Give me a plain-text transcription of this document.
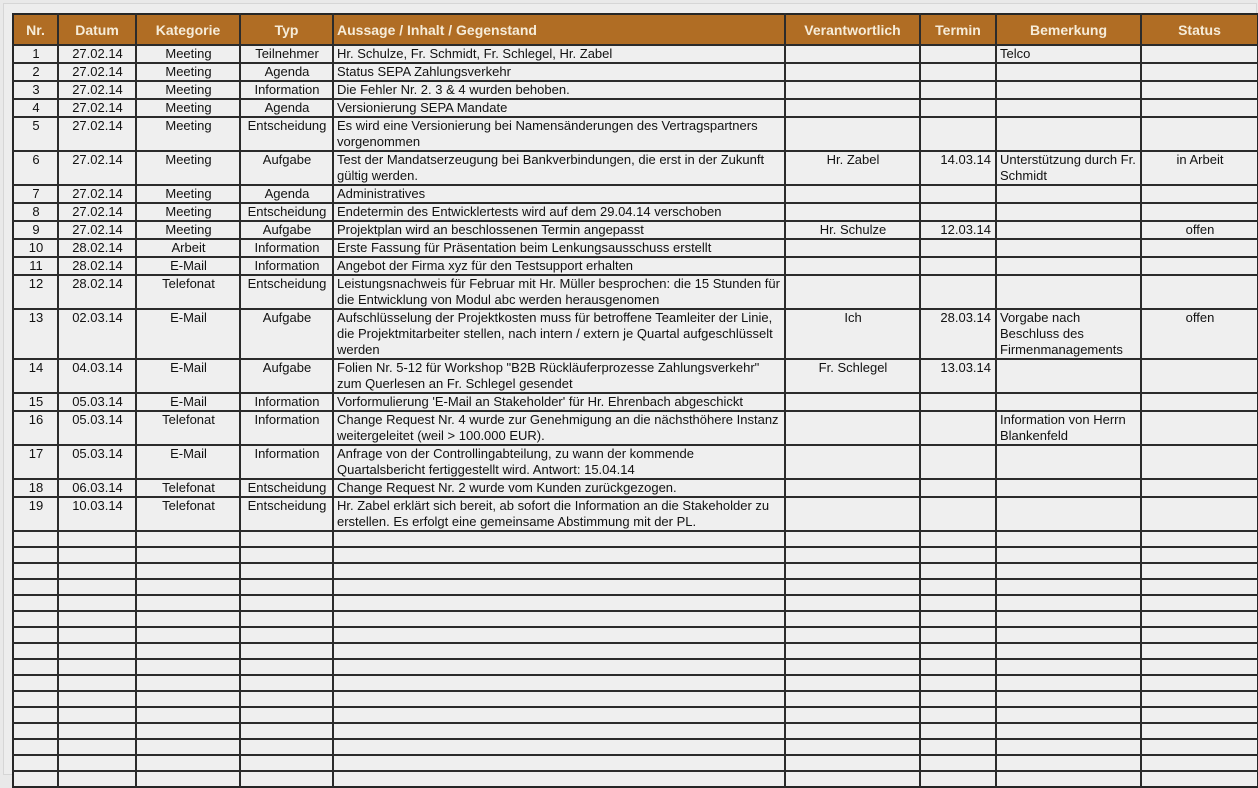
Nr.	Datum	Kategorie	Typ	Aussage / Inhalt / Gegenstand	Verantwortlich	Termin	Bemerkung	Status
1	27.02.14	Meeting	Teilnehmer	Hr. Schulze, Fr. Schmidt, Fr. Schlegel, Hr. Zabel			Telco	
2	27.02.14	Meeting	Agenda	Status SEPA Zahlungsverkehr				
3	27.02.14	Meeting	Information	Die Fehler Nr. 2. 3 & 4 wurden behoben.				
4	27.02.14	Meeting	Agenda	Versionierung SEPA Mandate				
5	27.02.14	Meeting	Entscheidung	Es wird eine Versionierung bei Namensänderungen des Vertragspartners vorgenommen				
6	27.02.14	Meeting	Aufgabe	Test der Mandatserzeugung bei Bankverbindungen, die erst in der Zukunft gültig werden.	Hr. Zabel	14.03.14	Unterstützung durch Fr. Schmidt	in Arbeit
7	27.02.14	Meeting	Agenda	Administratives				
8	27.02.14	Meeting	Entscheidung	Endetermin des Entwicklertests wird auf dem 29.04.14 verschoben				
9	27.02.14	Meeting	Aufgabe	Projektplan wird an beschlossenen Termin angepasst	Hr. Schulze	12.03.14		offen
10	28.02.14	Arbeit	Information	Erste Fassung für Präsentation beim Lenkungsausschuss erstellt				
11	28.02.14	E-Mail	Information	Angebot der Firma xyz für den Testsupport erhalten				
12	28.02.14	Telefonat	Entscheidung	Leistungsnachweis für Februar mit Hr. Müller besprochen: die 15 Stunden für die Entwicklung von Modul abc werden herausgenomen				
13	02.03.14	E-Mail	Aufgabe	Aufschlüsselung der Projektkosten muss für betroffene Teamleiter der Linie, die Projektmitarbeiter stellen, nach intern / extern je Quartal aufgeschlüsselt werden	Ich	28.03.14	Vorgabe nach Beschluss des Firmenmanagements	offen
14	04.03.14	E-Mail	Aufgabe	Folien Nr. 5-12 für Workshop "B2B Rückläuferprozesse Zahlungsverkehr" zum Querlesen an Fr. Schlegel gesendet	Fr. Schlegel	13.03.14		
15	05.03.14	E-Mail	Information	Vorformulierung 'E-Mail an Stakeholder' für Hr. Ehrenbach abgeschickt				
16	05.03.14	Telefonat	Information	Change Request Nr. 4 wurde zur Genehmigung an die nächsthöhere Instanz weitergeleitet (weil > 100.000 EUR).			Information von Herrn Blankenfeld	
17	05.03.14	E-Mail	Information	Anfrage von der Controllingabteilung, zu wann der kommende Quartalsbericht fertiggestellt wird. Antwort: 15.04.14				
18	06.03.14	Telefonat	Entscheidung	Change Request Nr. 2 wurde vom Kunden zurückgezogen.				
19	10.03.14	Telefonat	Entscheidung	Hr. Zabel erklärt sich bereit, ab sofort die Information an die Stakeholder zu erstellen. Es erfolgt eine gemeinsame Abstimmung mit der PL.				
